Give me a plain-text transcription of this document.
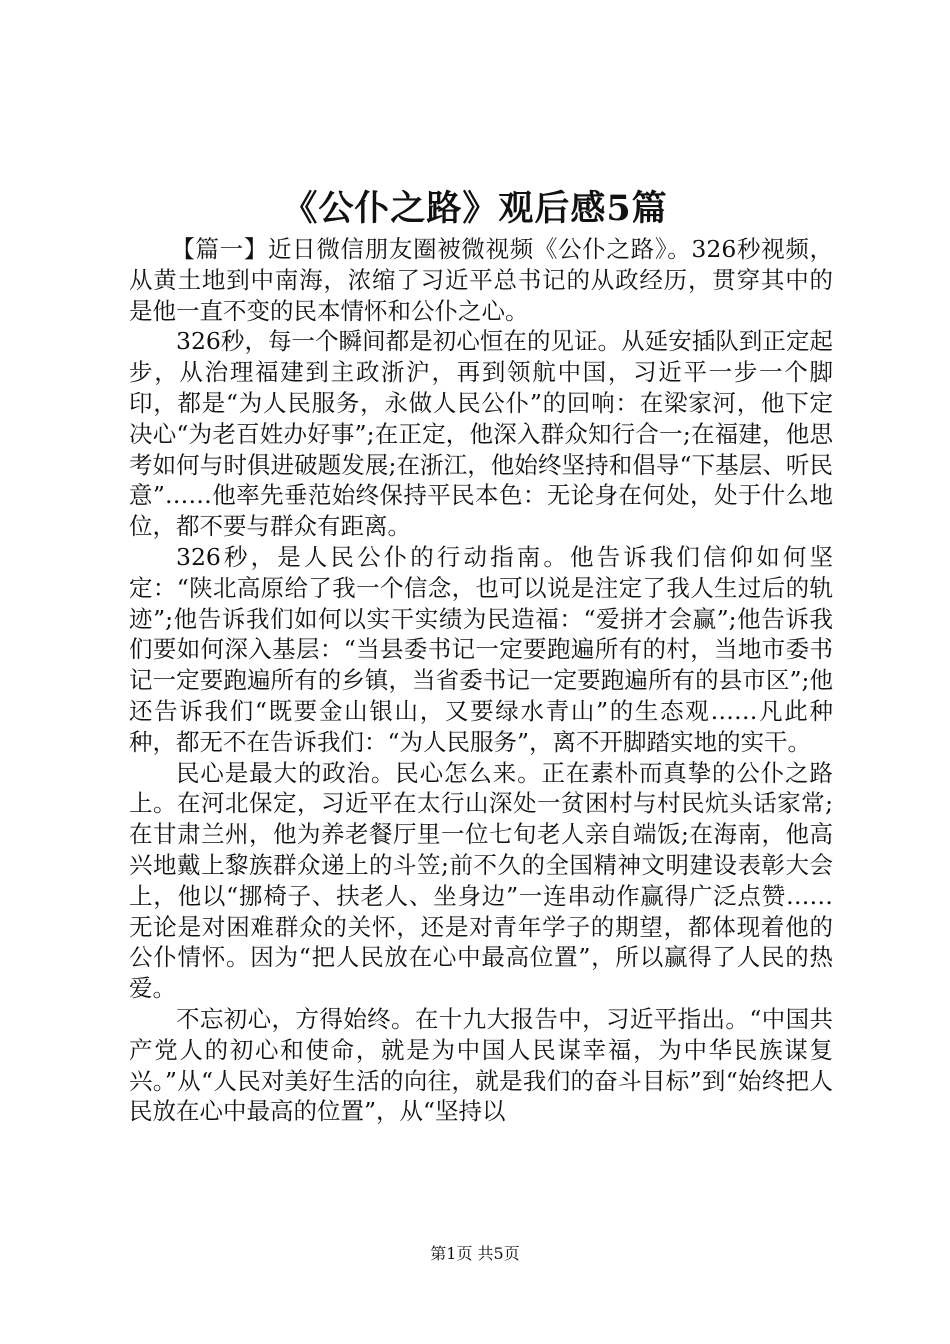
《公仆之路》观后感5篇

【篇一】近日微信朋友圈被微视频《公仆之路》。326秒视频，从黄土地到中南海，浓缩了习近平总书记的从政经历，贯穿其中的是他一直不变的民本情怀和公仆之心。

326秒，每一个瞬间都是初心恒在的见证。从延安插队到正定起步，从治理福建到主政浙沪，再到领航中国，习近平一步一个脚印，都是“为人民服务，永做人民公仆”的回响：在梁家河，他下定决心“为老百姓办好事”;在正定，他深入群众知行合一;在福建，他思考如何与时俱进破题发展;在浙江，他始终坚持和倡导“下基层、听民意”……他率先垂范始终保持平民本色：无论身在何处，处于什么地位，都不要与群众有距离。

326秒，是人民公仆的行动指南。他告诉我们信仰如何坚定：“陕北高原给了我一个信念，也可以说是注定了我人生过后的轨迹”;他告诉我们如何以实干实绩为民造福：“爱拼才会赢”;他告诉我们要如何深入基层：“当县委书记一定要跑遍所有的村，当地市委书记一定要跑遍所有的乡镇，当省委书记一定要跑遍所有的县市区”;他还告诉我们“既要金山银山，又要绿水青山”的生态观……凡此种种，都无不在告诉我们：“为人民服务”，离不开脚踏实地的实干。

民心是最大的政治。民心怎么来。正在素朴而真挚的公仆之路上。在河北保定，习近平在太行山深处一贫困村与村民炕头话家常;在甘肃兰州，他为养老餐厅里一位七旬老人亲自端饭;在海南，他高兴地戴上黎族群众递上的斗笠;前不久的全国精神文明建设表彰大会上，他以“挪椅子、扶老人、坐身边”一连串动作赢得广泛点赞……无论是对困难群众的关怀，还是对青年学子的期望，都体现着他的公仆情怀。因为“把人民放在心中最高位置”，所以赢得了人民的热爱。

不忘初心，方得始终。在十九大报告中，习近平指出。“中国共产党人的初心和使命，就是为中国人民谋幸福，为中华民族谋复兴。”从“人民对美好生活的向往，就是我们的奋斗目标”到“始终把人民放在心中最高的位置”，从“坚持以

第1页 共5页
